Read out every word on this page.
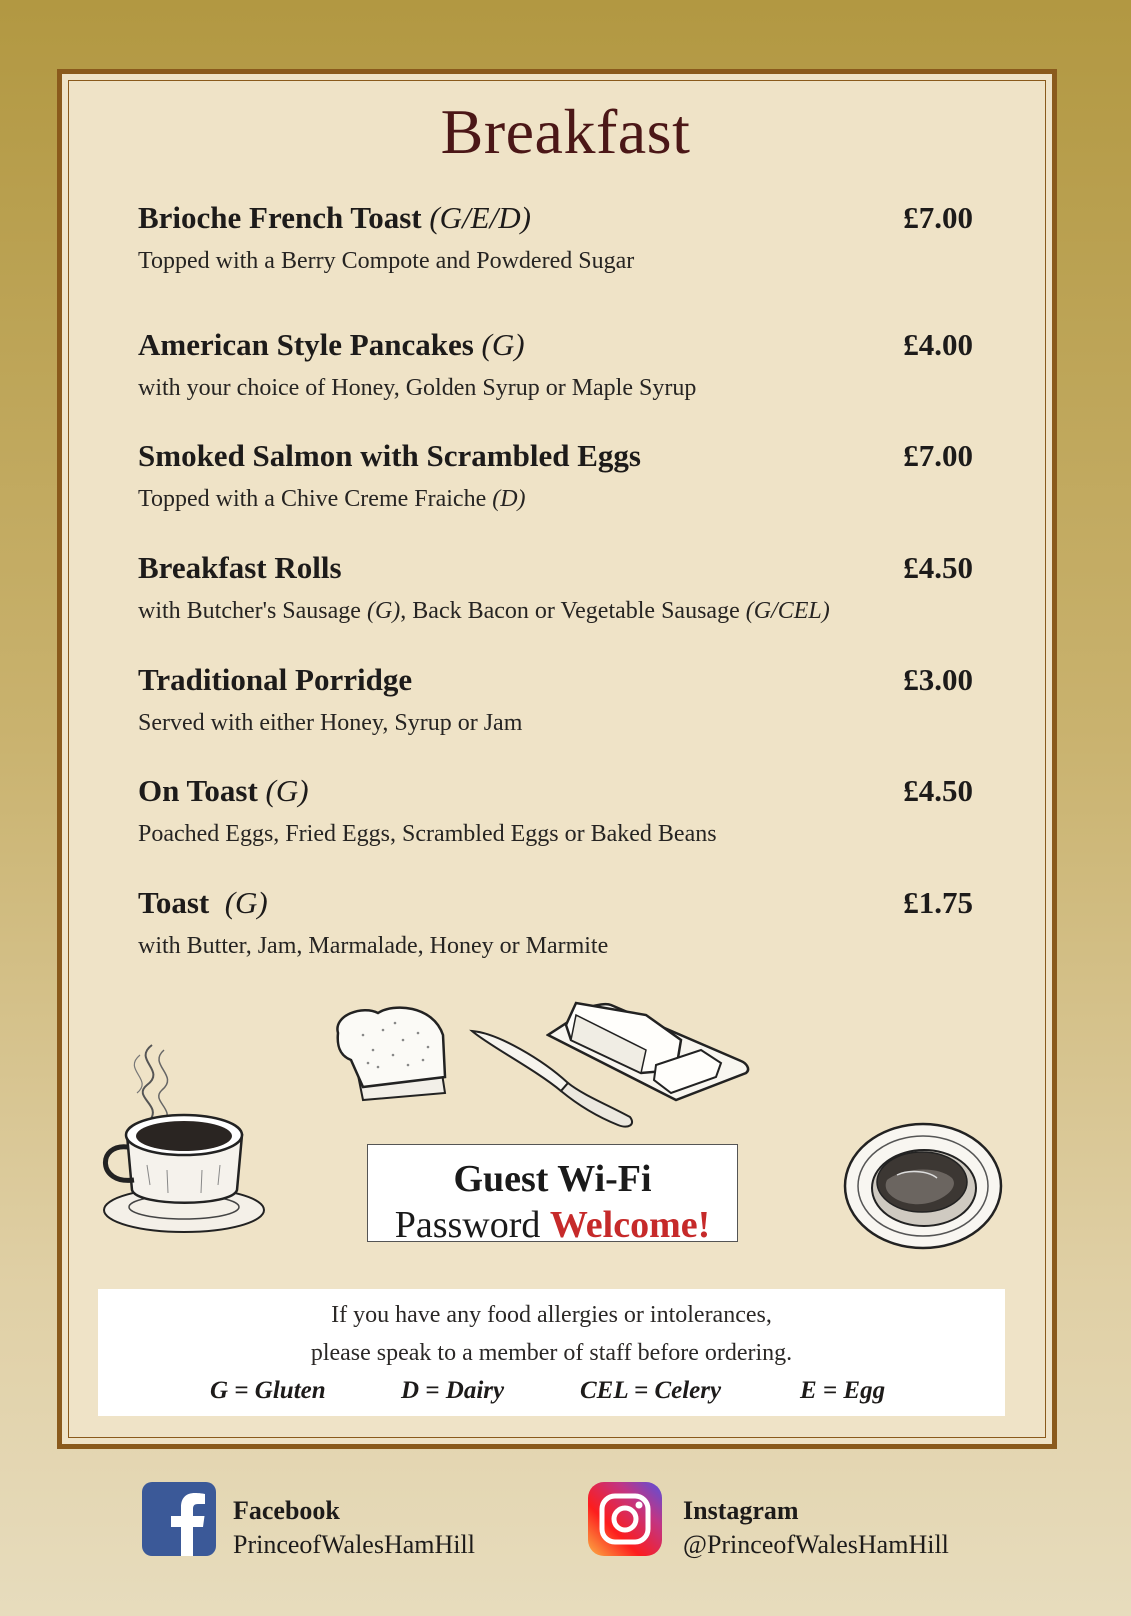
Breakfast
Brioche French Toast (G/E/D)	£7.00
Topped with a Berry Compote and Powdered Sugar
American Style Pancakes (G)	£4.00
with your choice of Honey, Golden Syrup or Maple Syrup
Smoked Salmon with Scrambled Eggs	£7.00
Topped with a Chive Creme Fraiche (D)
Breakfast Rolls	£4.50
with Butcher's Sausage (G), Back Bacon or Vegetable Sausage (G/CEL)
Traditional Porridge	£3.00
Served with either Honey, Syrup or Jam
On Toast (G)	£4.50
Poached Eggs, Fried Eggs, Scrambled Eggs or Baked Beans
Toast  (G)	£1.75
with Butter, Jam, Marmalade, Honey or Marmite
Guest Wi-Fi
Password Welcome!
If you have any food allergies or intolerances,
please speak to a member of staff before ordering.
G = Gluten	D = Dairy	CEL = Celery	E = Egg
Facebook
PrinceofWalesHamHill
Instagram
@PrinceofWalesHamHill
